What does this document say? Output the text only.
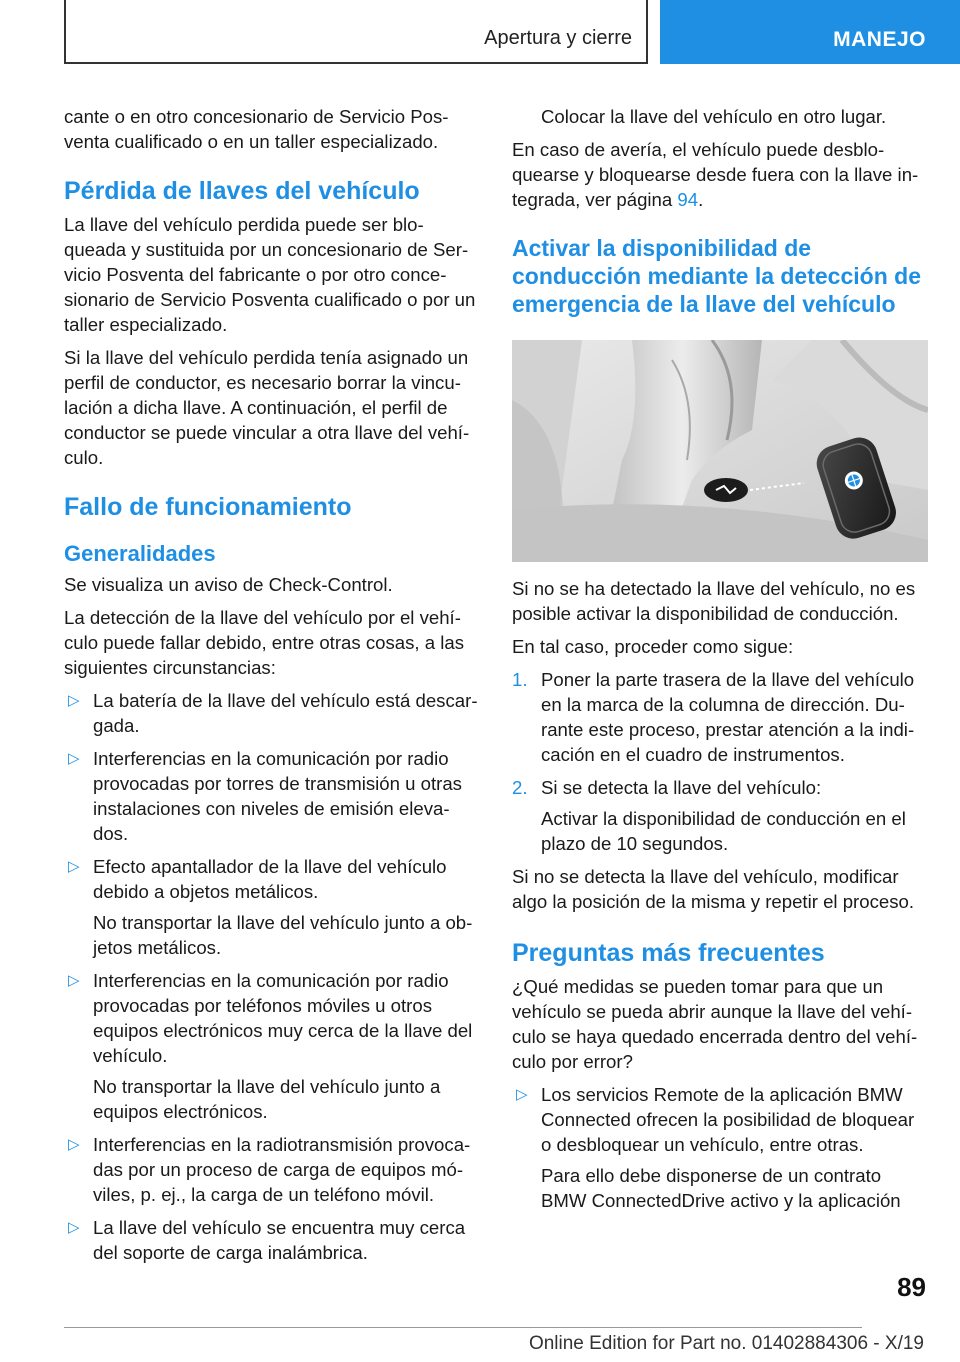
Apertura y cierre	MANEJO

cante o en otro concesionario de Servicio Posventa cualificado o en un taller especializado.

Pérdida de llaves del vehículo

La llave del vehículo perdida puede ser bloqueada y sustituida por un concesionario de Servicio Posventa del fabricante o por otro concesionario de Servicio Posventa cualificado o por un taller especializado.

Si la llave del vehículo perdida tenía asignado un perfil de conductor, es necesario borrar la vinculación a dicha llave. A continuación, el perfil de conductor se puede vincular a otra llave del vehículo.

Fallo de funcionamiento
Generalidades

Se visualiza un aviso de Check-Control.

La detección de la llave del vehículo por el vehículo puede fallar debido, entre otras cosas, a las siguientes circunstancias:

▷ La batería de la llave del vehículo está descargada.
▷ Interferencias en la comunicación por radio provocadas por torres de transmisión u otras instalaciones con niveles de emisión elevados.
▷ Efecto apantallador de la llave del vehículo debido a objetos metálicos.
No transportar la llave del vehículo junto a objetos metálicos.
▷ Interferencias en la comunicación por radio provocadas por teléfonos móviles u otros equipos electrónicos muy cerca de la llave del vehículo.
No transportar la llave del vehículo junto a equipos electrónicos.
▷ Interferencias en la radiotransmisión provocadas por un proceso de carga de equipos móviles, p. ej., la carga de un teléfono móvil.
▷ La llave del vehículo se encuentra muy cerca del soporte de carga inalámbrica.

Colocar la llave del vehículo en otro lugar.

En caso de avería, el vehículo puede desbloquearse y bloquearse desde fuera con la llave integrada, ver página 94.

Activar la disponibilidad de conducción mediante la detección de emergencia de la llave del vehículo

Si no se ha detectado la llave del vehículo, no es posible activar la disponibilidad de conducción.

En tal caso, proceder como sigue:

1. Poner la parte trasera de la llave del vehículo en la marca de la columna de dirección. Durante este proceso, prestar atención a la indicación en el cuadro de instrumentos.
2. Si se detecta la llave del vehículo:
Activar la disponibilidad de conducción en el plazo de 10 segundos.

Si no se detecta la llave del vehículo, modificar algo la posición de la misma y repetir el proceso.

Preguntas más frecuentes

¿Qué medidas se pueden tomar para que un vehículo se pueda abrir aunque la llave del vehículo se haya quedado encerrada dentro del vehículo por error?

▷ Los servicios Remote de la aplicación BMW Connected ofrecen la posibilidad de bloquear o desbloquear un vehículo, entre otras.
Para ello debe disponerse de un contrato BMW ConnectedDrive activo y la aplicación
89
Online Edition for Part no. 01402884306 - X/19
